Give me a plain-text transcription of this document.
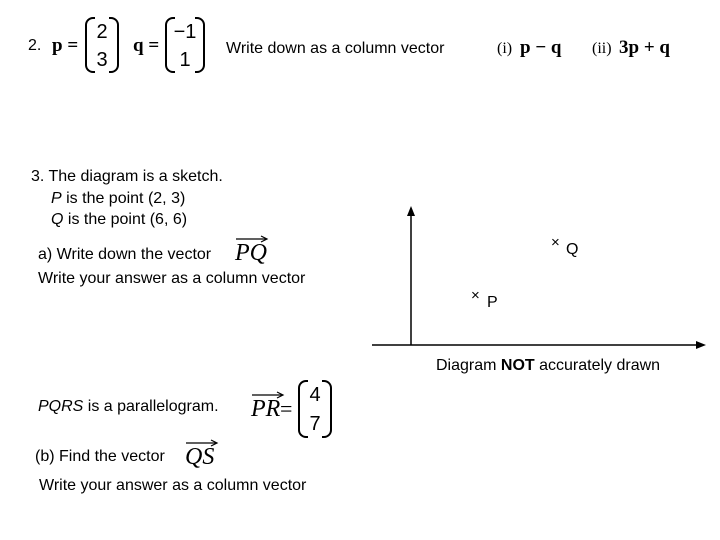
2. p =
2
3
q =
−1
1
Write down as a column vector	(i) p − q (ii) 3p + q
3. The diagram is a sketch.
P is the point (2, 3)
Q is the point (6, 6)
a) Write down the vector PQ
Write your answer as a column vector
PQRS is a parallelogram. PR =
4
7
(b) Find the vector QS
Write your answer as a column vector
× Q
× P
Diagram NOT accurately drawn
